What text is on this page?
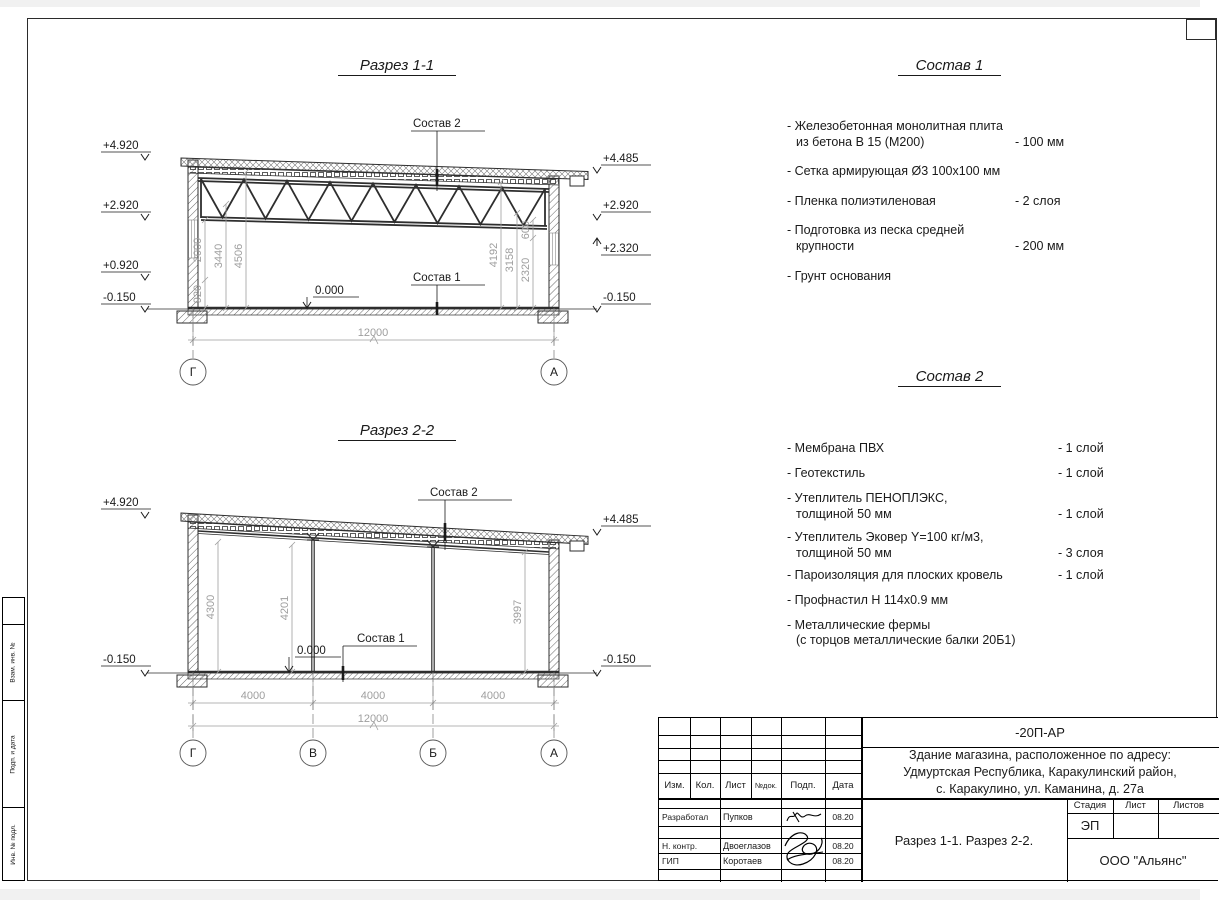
Взам. инв. №
Подп. и дата
Инв. № подл.
Разрез 1-1
920
2000 3440 4506	4192 3158 2320
600
12000
Г	А
+4.920
+2.920
+0.920
-0.150
+4.485
+2.920
+2.320
-0.150
Состав 2
Состав 1
0.000
Разрез 2-2
4300	4201	3997
4000	4000	4000
12000
Г	В	Б	А
+4.920
-0.150
+4.485
-0.150
Состав 2
Состав 1
0.000
Состав 1
- Железобетонная монолитная плита
из бетона В 15 (М200)	- 100 мм
- Сетка армирующая Ø3 100x100 мм
- Пленка полиэтиленовая	- 2 слоя
- Подготовка из песка средней
крупности	- 200 мм
- Грунт основания
Состав 2
- Мембрана ПВХ	- 1 слой
- Геотекстиль	- 1 слой
- Утеплитель ПЕНОПЛЭКС,
толщиной 50 мм	- 1 слой
- Утеплитель Эковер Y=100 кг/м3,
толщиной 50 мм	- 3 слоя
- Пароизоляция для плоских кровель	- 1 слой
- Профнастил Н 114х0.9 мм
- Металлические фермы
(с торцов металлические балки 20Б1)
Изм.	Кол.	Лист	№док.	Подп.	Дата
Разработал	Пупков	08.20
Н. контр.	Двоеглазов	08.20
ГИП	Коротаев	08.20
-20П-АР
Здание магазина, расположенное по адресу:
Удмуртская Республика, Каракулинский район,
с. Каракулино, ул. Каманина, д. 27а
Разрез 1-1. Разрез 2-2.
Стадия	Лист	Листов
ЭП
ООО "Альянс"
